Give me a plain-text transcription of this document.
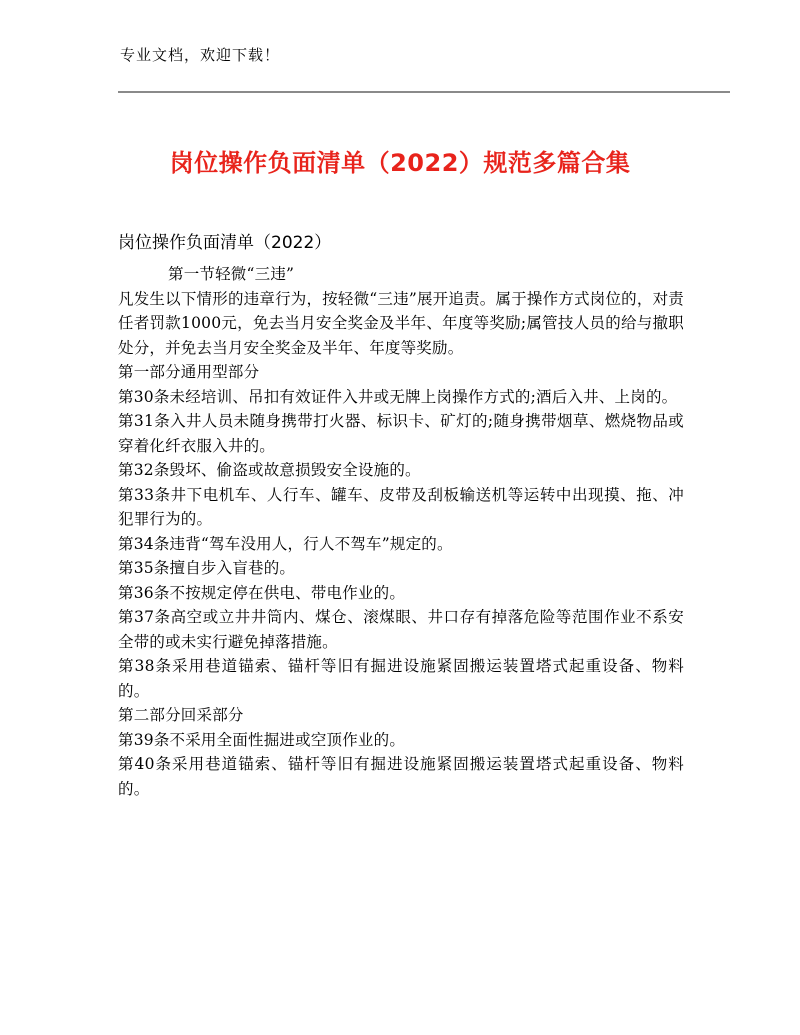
专业文档，欢迎下载！
岗位操作负面清单（2022）规范多篇合集
岗位操作负面清单（2022）

第一节轻微“三违”

凡发生以下情形的违章行为，按轻微“三违”展开追责。属于操作方式岗位的，对责任者罚款1000元，免去当月安全奖金及半年、年度等奖励;属管技人员的给与撤职处分，并免去当月安全奖金及半年、年度等奖励。

第一部分通用型部分

第30条未经培训、吊扣有效证件入井或无牌上岗操作方式的;酒后入井、上岗的。

第31条入井人员未随身携带打火器、标识卡、矿灯的;随身携带烟草、燃烧物品或穿着化纤衣服入井的。

第32条毁坏、偷盗或故意损毁安全设施的。

第33条井下电机车、人行车、罐车、皮带及刮板输送机等运转中出现摸、拖、冲犯罪行为的。

第34条违背“驾车没用人，行人不驾车”规定的。

第35条擅自步入盲巷的。

第36条不按规定停在供电、带电作业的。

第37条高空或立井井筒内、煤仓、滚煤眼、井口存有掉落危险等范围作业不系安全带的或未实行避免掉落措施。

第38条采用巷道锚索、锚杆等旧有掘进设施紧固搬运装置塔式起重设备、物料的。

第二部分回采部分

第39条不采用全面性掘进或空顶作业的。

第40条采用巷道锚索、锚杆等旧有掘进设施紧固搬运装置塔式起重设备、物料的。
